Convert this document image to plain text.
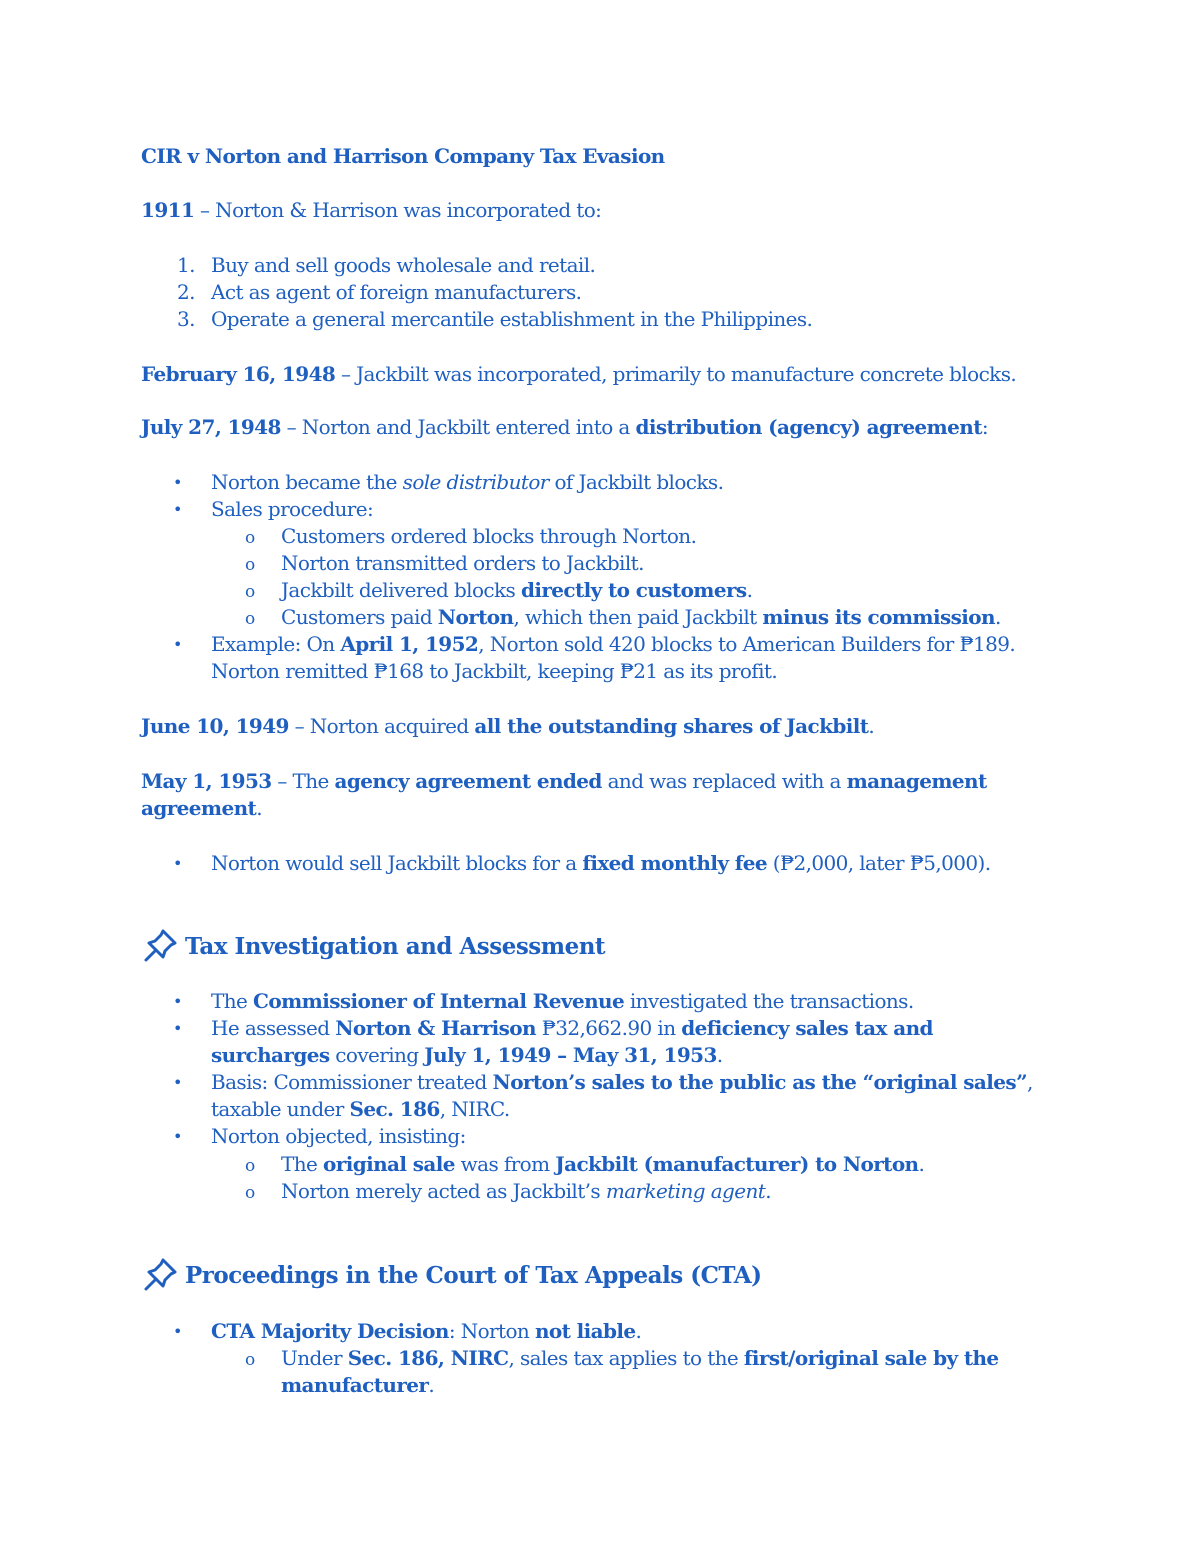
CIR v Norton and Harrison Company Tax Evasion

1911 – Norton & Harrison was incorporated to:

1. Buy and sell goods wholesale and retail.
2. Act as agent of foreign manufacturers.
3. Operate a general mercantile establishment in the Philippines.

February 16, 1948 – Jackbilt was incorporated, primarily to manufacture concrete blocks.

July 27, 1948 – Norton and Jackbilt entered into a distribution (agency) agreement:

• Norton became the sole distributor of Jackbilt blocks.
• Sales procedure:
o Customers ordered blocks through Norton.
o Norton transmitted orders to Jackbilt.
o Jackbilt delivered blocks directly to customers.
o Customers paid Norton, which then paid Jackbilt minus its commission.
• Example: On April 1, 1952, Norton sold 420 blocks to American Builders for ₱189.
Norton remitted ₱168 to Jackbilt, keeping ₱21 as its profit.

June 10, 1949 – Norton acquired all the outstanding shares of Jackbilt.

May 1, 1953 – The agency agreement ended and was replaced with a management
agreement.

• Norton would sell Jackbilt blocks for a fixed monthly fee (₱2,000, later ₱5,000).
Tax Investigation and Assessment
• The Commissioner of Internal Revenue investigated the transactions.
• He assessed Norton & Harrison ₱32,662.90 in deficiency sales tax and
surcharges covering July 1, 1949 – May 31, 1953.
• Basis: Commissioner treated Norton’s sales to the public as the “original sales”,
taxable under Sec. 186, NIRC.
• Norton objected, insisting:
o The original sale was from Jackbilt (manufacturer) to Norton.
o Norton merely acted as Jackbilt’s marketing agent.
Proceedings in the Court of Tax Appeals (CTA)
• CTA Majority Decision: Norton not liable.
o Under Sec. 186, NIRC, sales tax applies to the first/original sale by the
manufacturer.
